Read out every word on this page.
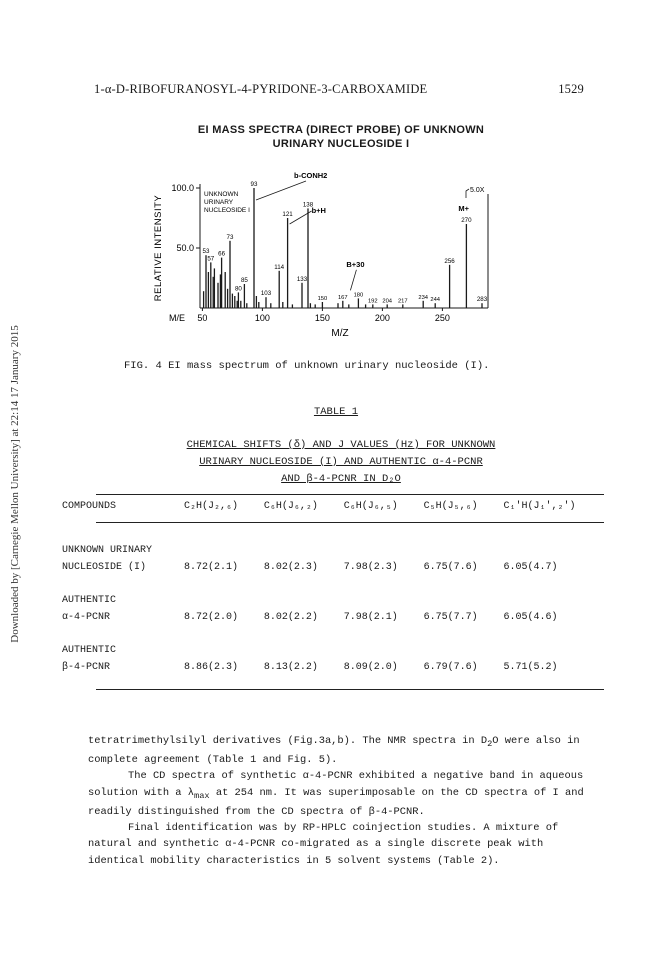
Downloaded by [Carnegie Mellon University] at 22:14 17 January 2015
1-α-D-RIBOFURANOSYL-4-PYRIDONE-3-CARBOXAMIDE	1529
EI MASS SPECTRA (DIRECT PROBE) OF UNKNOWN
URINARY NUCLEOSIDE I
100.0
50.0
50	100	150	200	250
M/E
M/Z
RELATIVE INTENSITY
UNKNOWN
URINARY
NUCLEOSIDE I
5.0X
53
57
66
73
80
85
93
103
114
121
133
138
150 167 180
192 204 217
234 244
256
270
283
b-CONH2
b+H	M+
B+30
FIG. 4 EI mass spectrum of unknown urinary nucleoside (I).
TABLE 1
CHEMICAL SHIFTS (δ) AND J VALUES (Hz) FOR UNKNOWN
URINARY NUCLEOSIDE (I) AND AUTHENTIC α-4-PCNR
AND β-4-PCNR IN D₂O
COMPOUNDS	C₂H(J₂,₆)	C₆H(J₆,₂)	C₆H(J₆,₅)	C₅H(J₅,₆)	C₁′H(J₁′,₂′)

UNKNOWN URINARY					
NUCLEOSIDE (I)	8.72(2.1)	8.02(2.3)	7.98(2.3)	6.75(7.6)	6.05(4.7)

AUTHENTIC					
α-4-PCNR	8.72(2.0)	8.02(2.2)	7.98(2.1)	6.75(7.7)	6.05(4.6)

AUTHENTIC					
β-4-PCNR	8.86(2.3)	8.13(2.2)	8.09(2.0)	6.79(7.6)	5.71(5.2)

tetratrimethylsilyl derivatives (Fig.3a,b). The NMR spectra in $D_2O$ were also in complete agreement (Table 1 and Fig. 5).

The CD spectra of synthetic α-4-PCNR exhibited a negative band in aqueous solution with a $\lambda_{max}$ at 254 nm. It was superimposable on the CD spectra of I and readily distinguished from the CD spectra of β-4-PCNR.

Final identification was by RP-HPLC coinjection studies. A mixture of natural and synthetic α-4-PCNR co-migrated as a single discrete peak with identical mobility characteristics in 5 solvent systems (Table 2).
